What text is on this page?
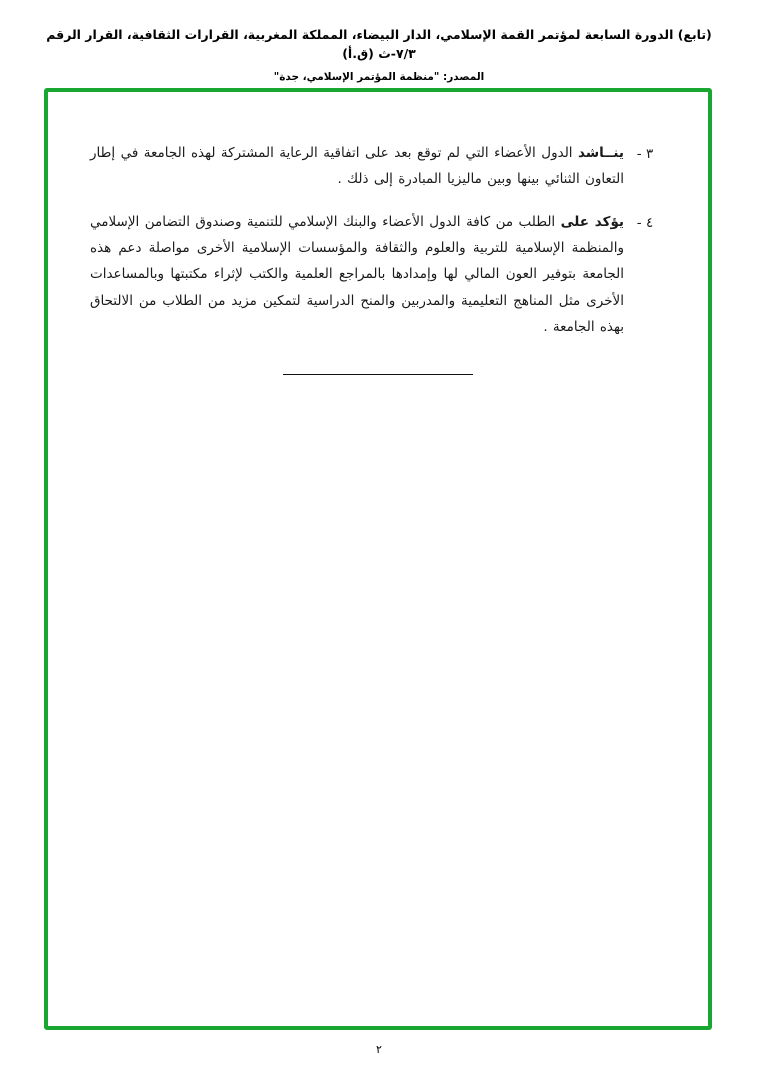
(تابع) الدورة السابعة لمؤتمر القمة الإسلامي، الدار البيضاء، المملكة المغربية، القرارات الثقافية، القرار الرقم ٧/٣-ث (ق.أ)
المصدر: "منظمة المؤتمر الإسلامي، جدة"
٣ -
ينــاشد الدول الأعضاء التي لم توقع بعد على اتفاقية الرعاية المشتركة لهذه الجامعة في إطار التعاون الثنائي بينها وبين ماليزيا المبادرة إلى ذلك .
٤ -
يؤكد على الطلب من كافة الدول الأعضاء والبنك الإسلامي للتنمية وصندوق التضامن الإسلامي والمنظمة الإسلامية للتربية والعلوم والثقافة والمؤسسات الإسلامية الأخرى مواصلة دعم هذه الجامعة بتوفير العون المالي لها وإمدادها بالمراجع العلمية والكتب لإثراء مكتبتها وبالمساعدات الأخرى مثل المناهج التعليمية والمدربين والمنح الدراسية لتمكين مزيد من الطلاب من الالتحاق بهذه الجامعة .
٢
